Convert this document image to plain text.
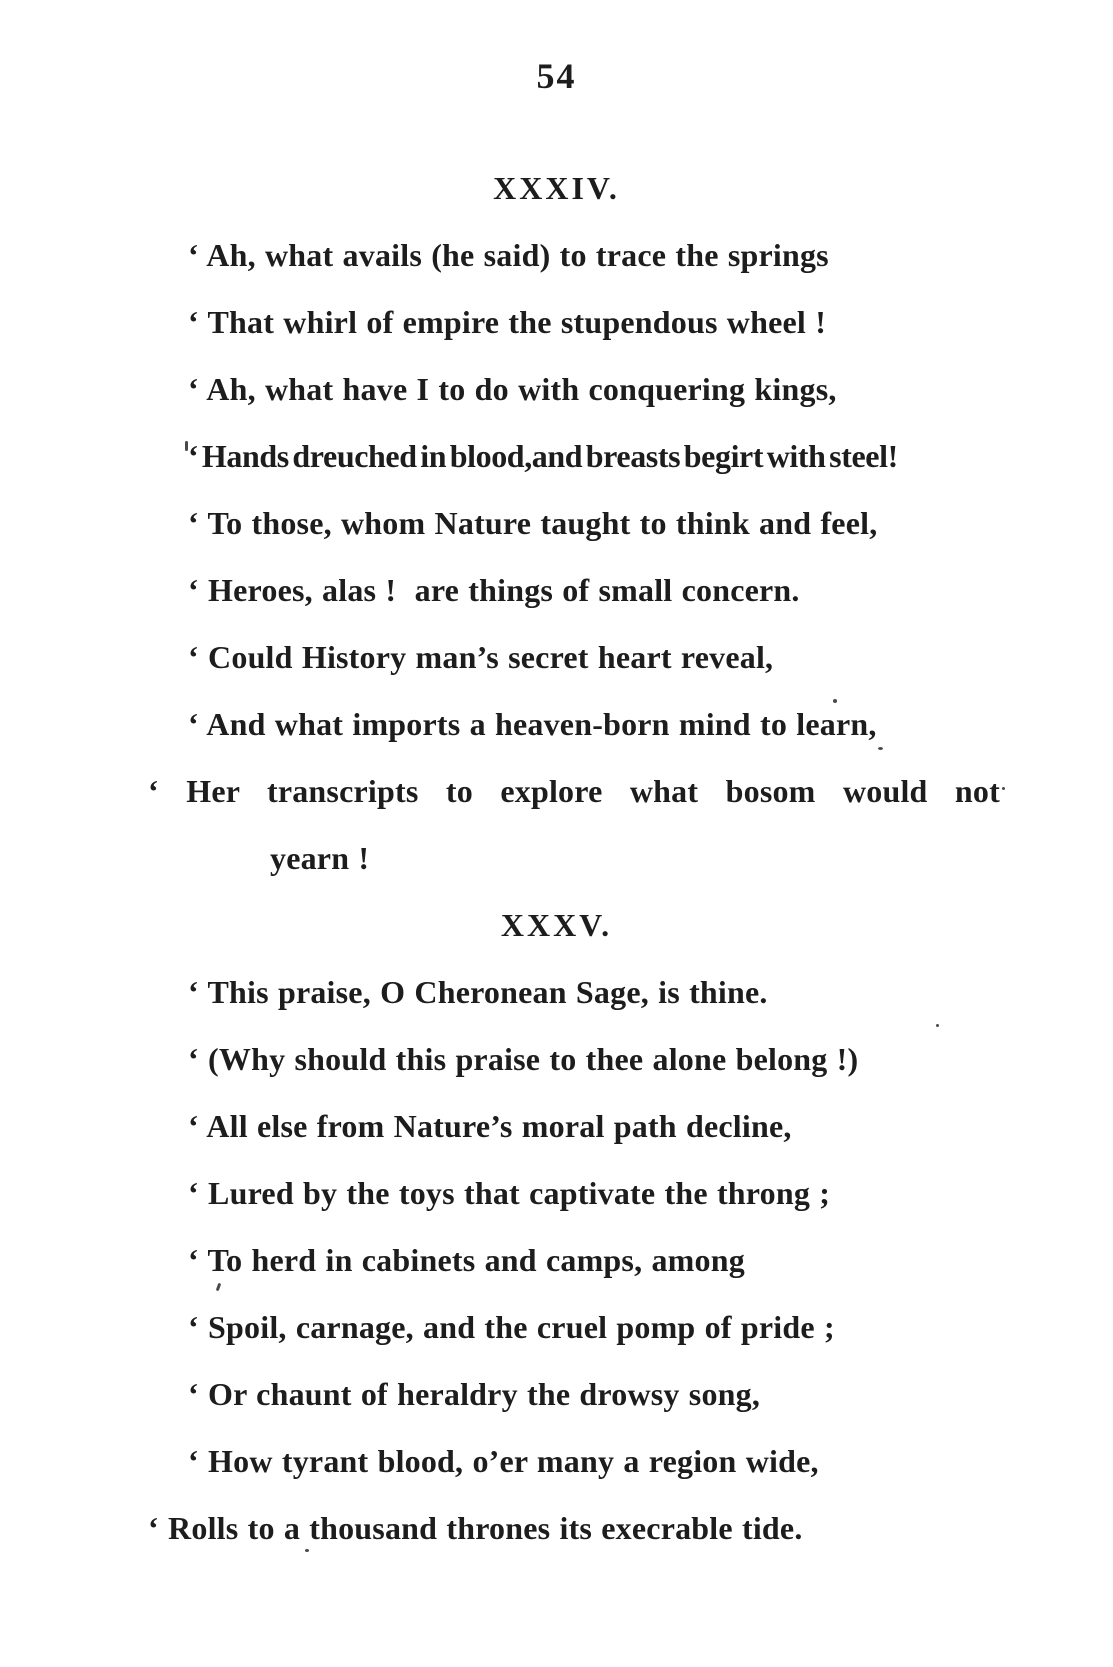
54
XXXIV.

‘ Ah, what avails (he said) to trace the springs

‘ That whirl of empire the stupendous wheel !

‘ Ah, what have I to do with conquering kings,

‘ Hands dreuched in blood,and breasts begirt with steel!

‘ To those, whom Nature taught to think and feel,

‘ Heroes, alas !  are things of small concern.

‘ Could History man’s secret heart reveal,

‘ And what imports a heaven-born mind to learn,

‘ Her transcripts to explore what bosom would not

yearn !

XXXV.

‘ This praise, O Cheronean Sage, is thine.

‘ (Why should this praise to thee alone belong !)

‘ All else from Nature’s moral path decline,

‘ Lured by the toys that captivate the throng ;

‘ To herd in cabinets and camps, among

‘ Spoil, carnage, and the cruel pomp of pride ;

‘ Or chaunt of heraldry the drowsy song,

‘ How tyrant blood, o’er many a region wide,

‘ Rolls to a thousand thrones its execrable tide.
